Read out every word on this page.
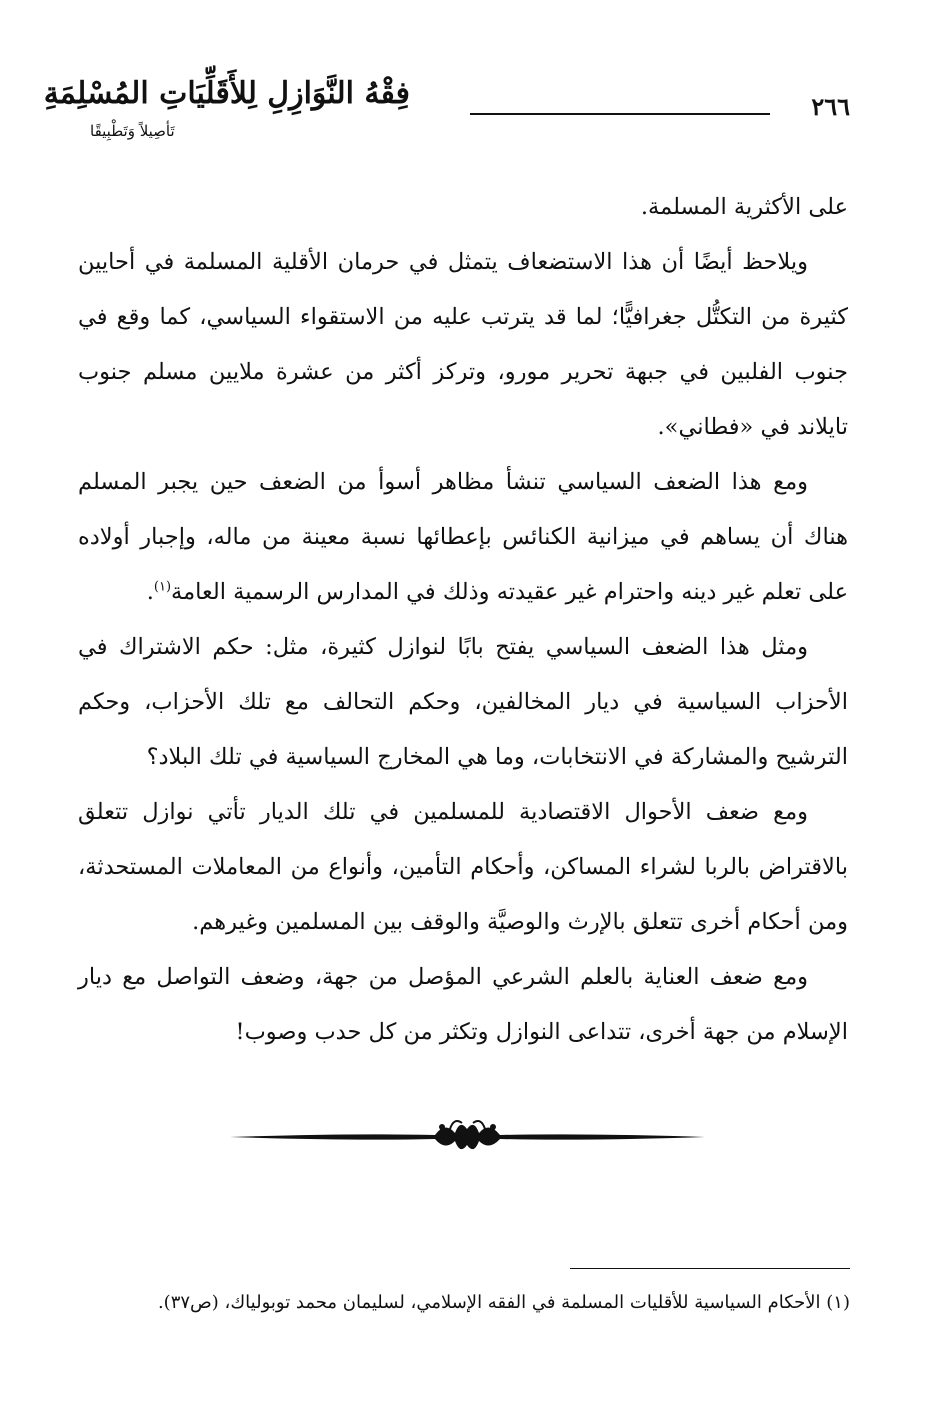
٢٦٦
فِقْهُ النَّوَازِلِ لِلأَقَلِّيَاتِ المُسْلِمَةِ
تَأصِيلاً وَتَطْبِيقًا

على الأكثرية المسلمة.

ويلاحظ أيضًا أن هذا الاستضعاف يتمثل في حرمان الأقلية المسلمة في أحايين كثيرة من التكتُّل جغرافيًّا؛ لما قد يترتب عليه من الاستقواء السياسي، كما وقع في جنوب الفلبين في جبهة تحرير مورو، وتركز أكثر من عشرة ملايين مسلم جنوب تايلاند في «فطاني».

ومع هذا الضعف السياسي تنشأ مظاهر أسوأ من الضعف حين يجبر المسلم هناك أن يساهم في ميزانية الكنائس بإعطائها نسبة معينة من ماله، وإجبار أولاده على تعلم غير دينه واحترام غير عقيدته وذلك في المدارس الرسمية العامة$^{(١)}$.

ومثل هذا الضعف السياسي يفتح بابًا لنوازل كثيرة، مثل: حكم الاشتراك في الأحزاب السياسية في ديار المخالفين، وحكم التحالف مع تلك الأحزاب، وحكم الترشيح والمشاركة في الانتخابات، وما هي المخارج السياسية في تلك البلاد؟

ومع ضعف الأحوال الاقتصادية للمسلمين في تلك الديار تأتي نوازل تتعلق بالاقتراض بالربا لشراء المساكن، وأحكام التأمين، وأنواع من المعاملات المستحدثة، ومن أحكام أخرى تتعلق بالإرث والوصيَّة والوقف بين المسلمين وغيرهم.

ومع ضعف العناية بالعلم الشرعي المؤصل من جهة، وضعف التواصل مع ديار الإسلام من جهة أخرى، تتداعى النوازل وتكثر من كل حدب وصوب!

(١) الأحكام السياسية للأقليات المسلمة في الفقه الإسلامي، لسليمان محمد توبولياك، (ص٣٧).
